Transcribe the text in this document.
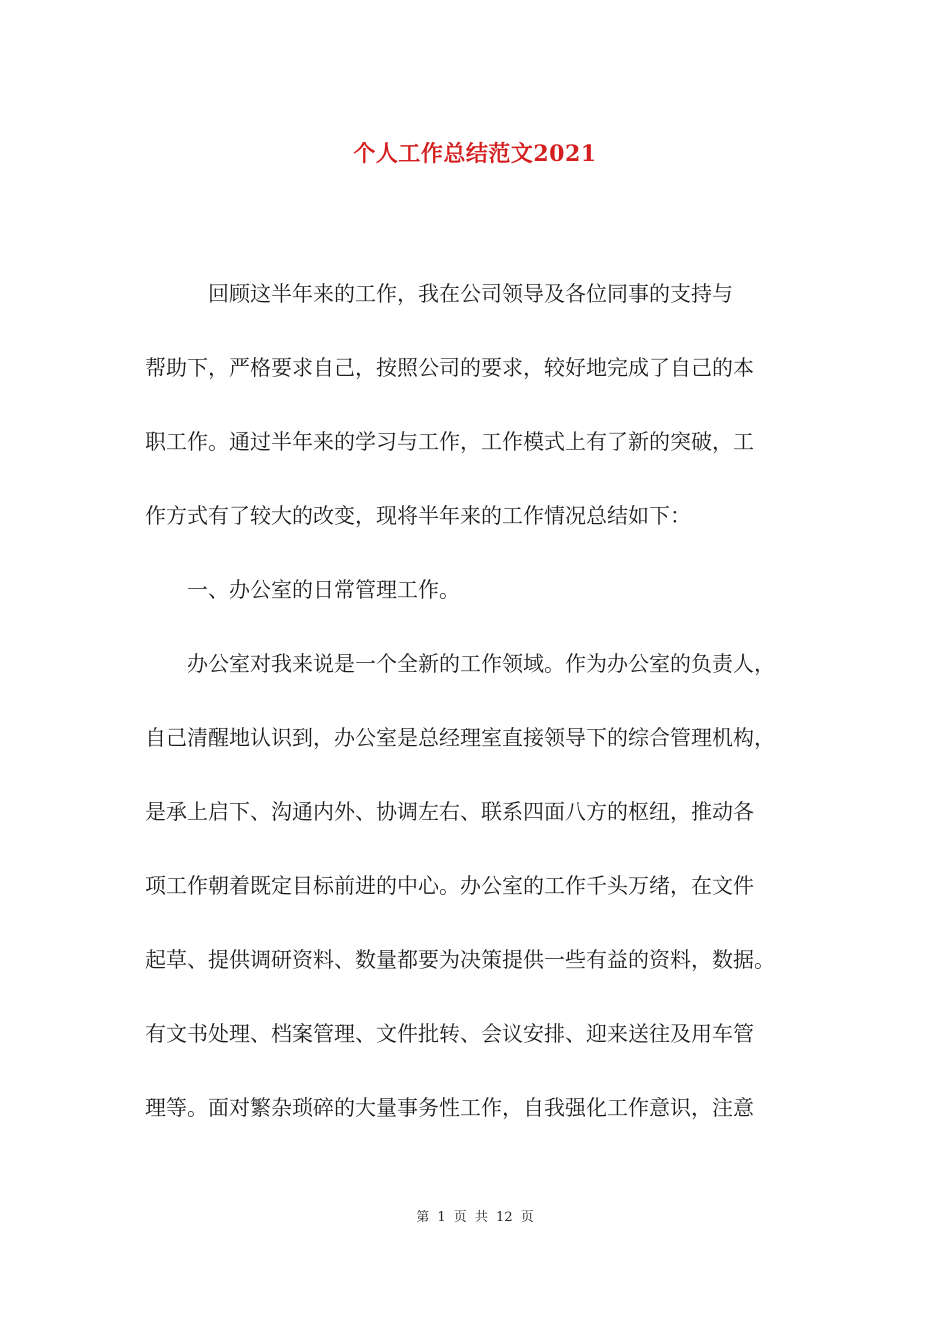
个人工作总结范文2021
　　　回顾这半年来的工作，我在公司领导及各位同事的支持与
帮助下，严格要求自己，按照公司的要求，较好地完成了自己的本
职工作。通过半年来的学习与工作，工作模式上有了新的突破，工
作方式有了较大的改变，现将半年来的工作情况总结如下：
　　一、办公室的日常管理工作。
　　办公室对我来说是一个全新的工作领域。作为办公室的负责人，
自己清醒地认识到，办公室是总经理室直接领导下的综合管理机构，
是承上启下、沟通内外、协调左右、联系四面八方的枢纽，推动各
项工作朝着既定目标前进的中心。办公室的工作千头万绪，在文件
起草、提供调研资料、数量都要为决策提供一些有益的资料，数据。
有文书处理、档案管理、文件批转、会议安排、迎来送往及用车管
理等。面对繁杂琐碎的大量事务性工作，自我强化工作意识，注意
第 1 页 共 12 页
